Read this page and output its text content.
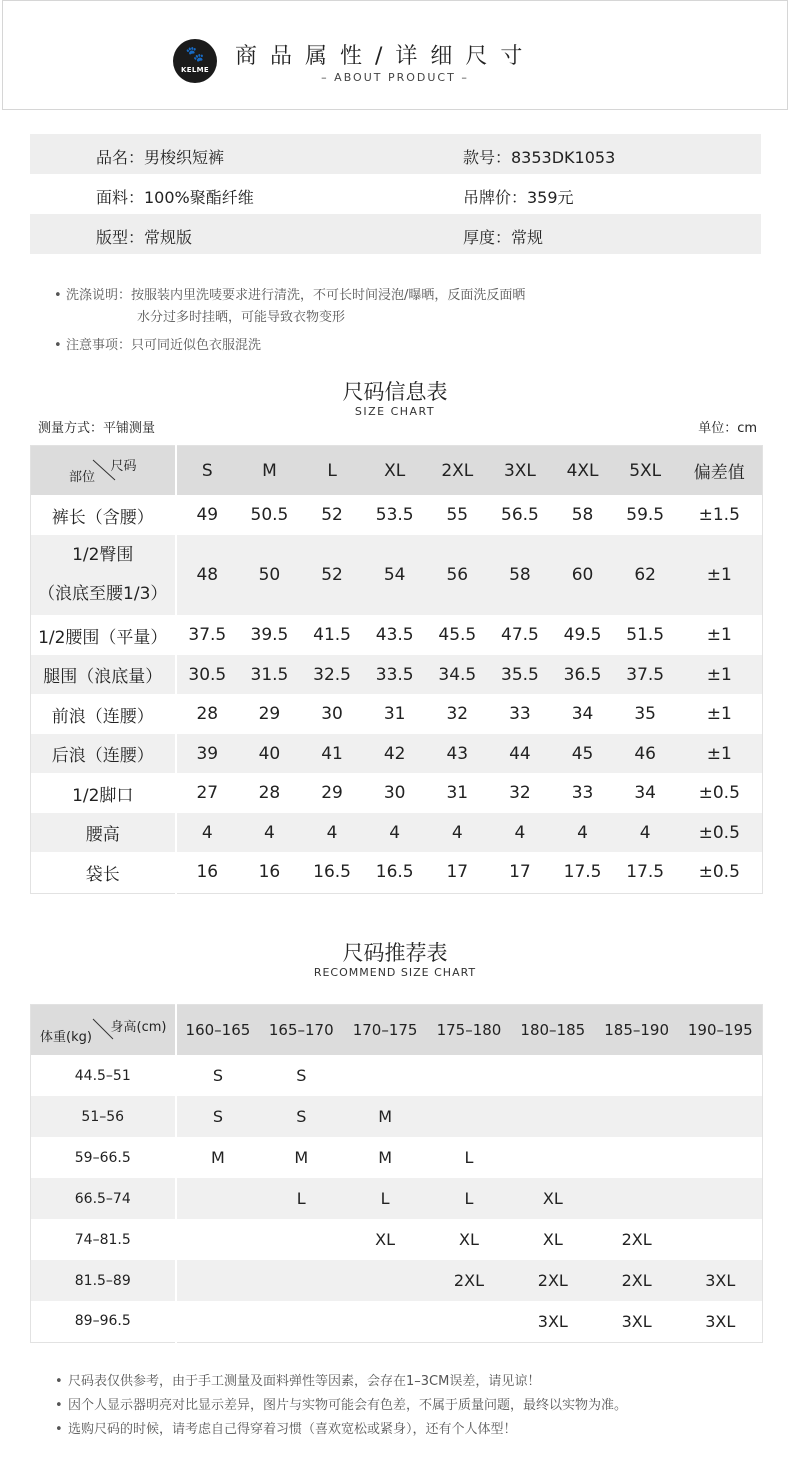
🐾
KELME
商品属性/详细尺寸
– ABOUT PRODUCT –
品名：男梭织短裤	款号：8353DK1053
面料：100%聚酯纤维	吊牌价：359元
版型：常规版	厚度：常规
• 洗涤说明：按服装内里洗唛要求进行清洗，不可长时间浸泡/曝晒，反面洗反面晒
水分过多时挂晒，可能导致衣物变形
• 注意事项：只可同近似色衣服混洗
尺码信息表
SIZE CHART
测量方式：平铺测量	单位：cm
尺码
部位	S	M	L	XL	2XL	3XL	4XL	5XL	偏差值
裤长（含腰）	49	50.5	52	53.5	55	56.5	58	59.5	±1.5

1/2臀围
（浪底至腰1/3）	48	50	52	54	56	58	60	62	±1
1/2腰围（平量）	37.5	39.5	41.5	43.5	45.5	47.5	49.5	51.5	±1
腿围（浪底量）	30.5	31.5	32.5	33.5	34.5	35.5	36.5	37.5	±1
前浪（连腰）	28	29	30	31	32	33	34	35	±1
后浪（连腰）	39	40	41	42	43	44	45	46	±1
1/2脚口	27	28	29	30	31	32	33	34	±0.5
腰高	4	4	4	4	4	4	4	4	±0.5
袋长	16	16	16.5	16.5	17	17	17.5	17.5	±0.5
尺码推荐表
RECOMMEND SIZE CHART
身高(cm)
体重(kg)	160–165	165–170	170–175	175–180	180–185	185–190	190–195
44.5–51	S	S					
51–56	S	S	M				
59–66.5	M	M	M	L			
66.5–74		L	L	L	XL		
74–81.5			XL	XL	XL	2XL	
81.5–89				2XL	2XL	2XL	3XL
89–96.5					3XL	3XL	3XL
• 尺码表仅供参考，由于手工测量及面料弹性等因素，会存在1–3CM误差，请见谅！
• 因个人显示器明亮对比显示差异，图片与实物可能会有色差，不属于质量问题，最终以实物为准。
• 选购尺码的时候，请考虑自己得穿着习惯（喜欢宽松或紧身），还有个人体型！
